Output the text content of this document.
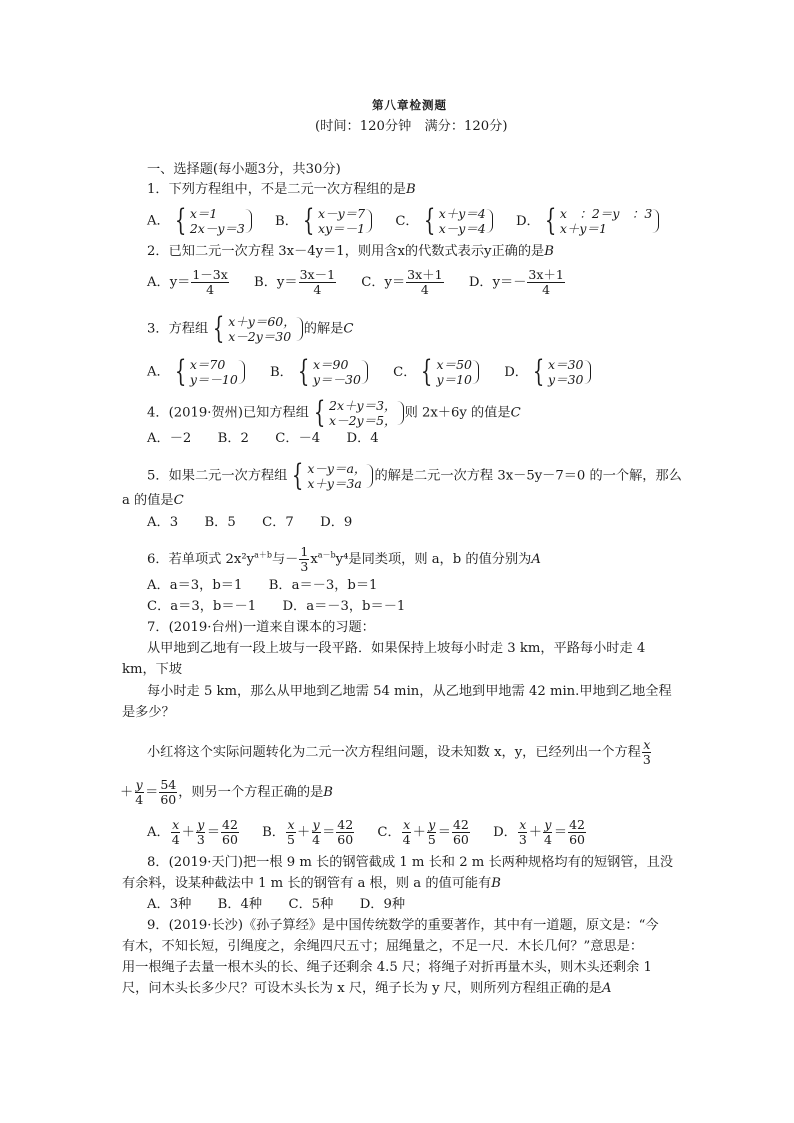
第八章检测题
(时间：120分钟　满分：120分)
一、选择题(每小题3分，共30分)
1．下列方程组中，不是二元一次方程组的是B
A． { x＝1
2x－y＝3 B． { x－y＝7
xy＝－1 C． { x＋y＝4
x－y＝4 D． { x　：2＝y　：3
x＋y＝1
2．已知二元一次方程 3x－4y＝1，则用含x的代数式表示y正确的是B
A．$y= \frac{1-3x}{4}$ B．$y= \frac{3x-1}{4}$ C．$y= \frac{3x+1}{4}$ D．$y=- \frac{3x+1}{4}$
3．方程组 { x＋y＝60，
x－2y＝30 的解是C
A． { x＝70
y＝－10 B． { x＝90
y＝－30 C． { x＝50
y＝10 D． { x＝30
y＝30
4．(2019·贺州)已知方程组 { 2x＋y＝3，
x－2y＝5， 则 2x＋6y 的值是C
A．－2　　B．2　　C．－4　　D．4
5．如果二元一次方程组 { x－y＝a，
x＋y＝3a 的解是二元一次方程 3x－5y－7＝0 的一个解，那么
a 的值是C
A．3　　B．5　　C．7　　D．9
6．若单项式 $2x^2y^{a+b}$与－ $\frac{1}{3} x^{a-b}y^4$是同类项，则 a，b 的值分别为A
A．a＝3，b＝1　　B．a＝－3，b＝1
C．a＝3，b＝－1　　D．a＝－3，b＝－1
7．(2019·台州)一道来自课本的习题：
从甲地到乙地有一段上坡与一段平路．如果保持上坡每小时走 3 km，平路每小时走 4
km，下坡
每小时走 5 km，那么从甲地到乙地需 54 min，从乙地到甲地需 42 min.甲地到乙地全程
是多少？
小红将这个实际问题转化为二元一次方程组问题，设未知数 x，y，已经列出一个方程 $\frac{x}{3}$
＋ $\frac{y}{4} = \frac{54}{60}$ ，则另一个方程正确的是B
A． $\frac{x}{4} + \frac{y}{3} = \frac{42}{60}$ B． $\frac{x}{5} + \frac{y}{4} = \frac{42}{60}$ C． $\frac{x}{4} + \frac{y}{5} = \frac{42}{60}$ D． $\frac{x}{3} + \frac{y}{4} = \frac{42}{60}$
8．(2019·天门)把一根 9 m 长的钢管截成 1 m 长和 2 m 长两种规格均有的短钢管，且没
有余料，设某种截法中 1 m 长的钢管有 a 根，则 a 的值可能有B
A．3种　　B．4种　　C．5种　　D．9种
9．(2019·长沙)《孙子算经》是中国传统数学的重要著作，其中有一道题，原文是：“今
有木，不知长短，引绳度之，余绳四尺五寸；屈绳量之，不足一尺．木长几何？”意思是：
用一根绳子去量一根木头的长、绳子还剩余 4.5 尺；将绳子对折再量木头，则木头还剩余 1
尺，问木头长多少尺？可设木头长为 x 尺，绳子长为 y 尺，则所列方程组正确的是A
